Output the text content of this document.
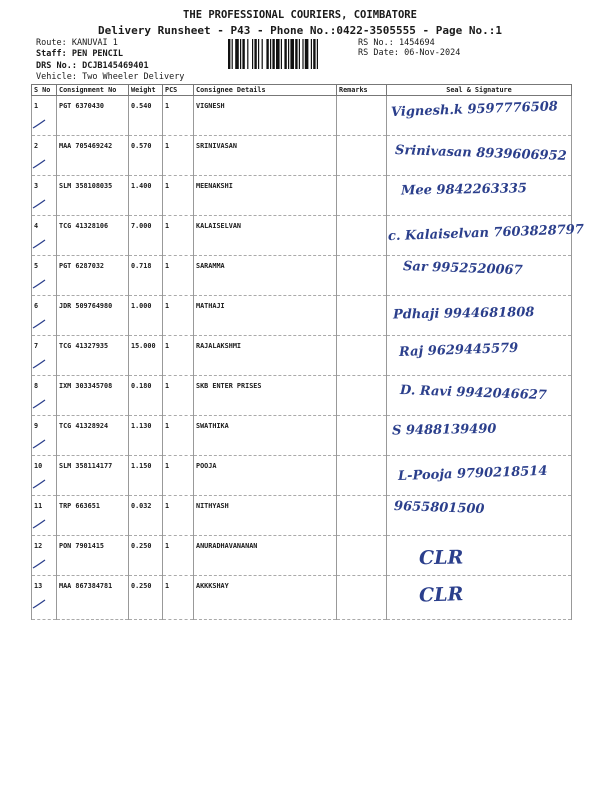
THE PROFESSIONAL COURIERS, COIMBATORE
Delivery Runsheet - P43 - Phone No.:0422-3505555 - Page No.:1
Route: KANUVAI 1
Staff: PEN PENCIL
DRS No.: DCJB145469401
Vehicle: Two Wheeler Delivery
RS No.: 1454694
RS Date: 06-Nov-2024
S No	Consignment No	Weight	PCS	Consignee Details	Remarks	Seal & Signature
1	PGT 6370430	0.540	1	VIGNESH		Vignesh.k 9597776508

2	MAA 705469242	0.570	1	SRINIVASAN		Srinivasan 8939606952

3	SLM 358108035	1.400	1	MEENAKSHI		Mee 9842263335

4	TCG 41328106	7.000	1	KALAISELVAN		c. Kalaiselvan 7603828797

5	PGT 6287032	0.718	1	SARAMMA		Sar 9952520067

6	JDR 509764980	1.000	1	MATHAJI		Pdhaji 9944681808

7	TCG 41327935	15.000	1	RAJALAKSHMI		Raj 9629445579

8	IXM 303345708	0.180	1	SKB ENTER PRISES		D. Ravi 9942046627

9	TCG 41328924	1.130	1	SWATHIKA		S 9488139490

10	SLM 358114177	1.150	1	POOJA		L-Pooja 9790218514

11	TRP 663651	0.032	1	NITHYASH		9655801500

12	PON 7901415	0.250	1	ANURADHAVANANAN		CLR

13	MAA 867384781	0.250	1	AKKKSHAY		CLR
